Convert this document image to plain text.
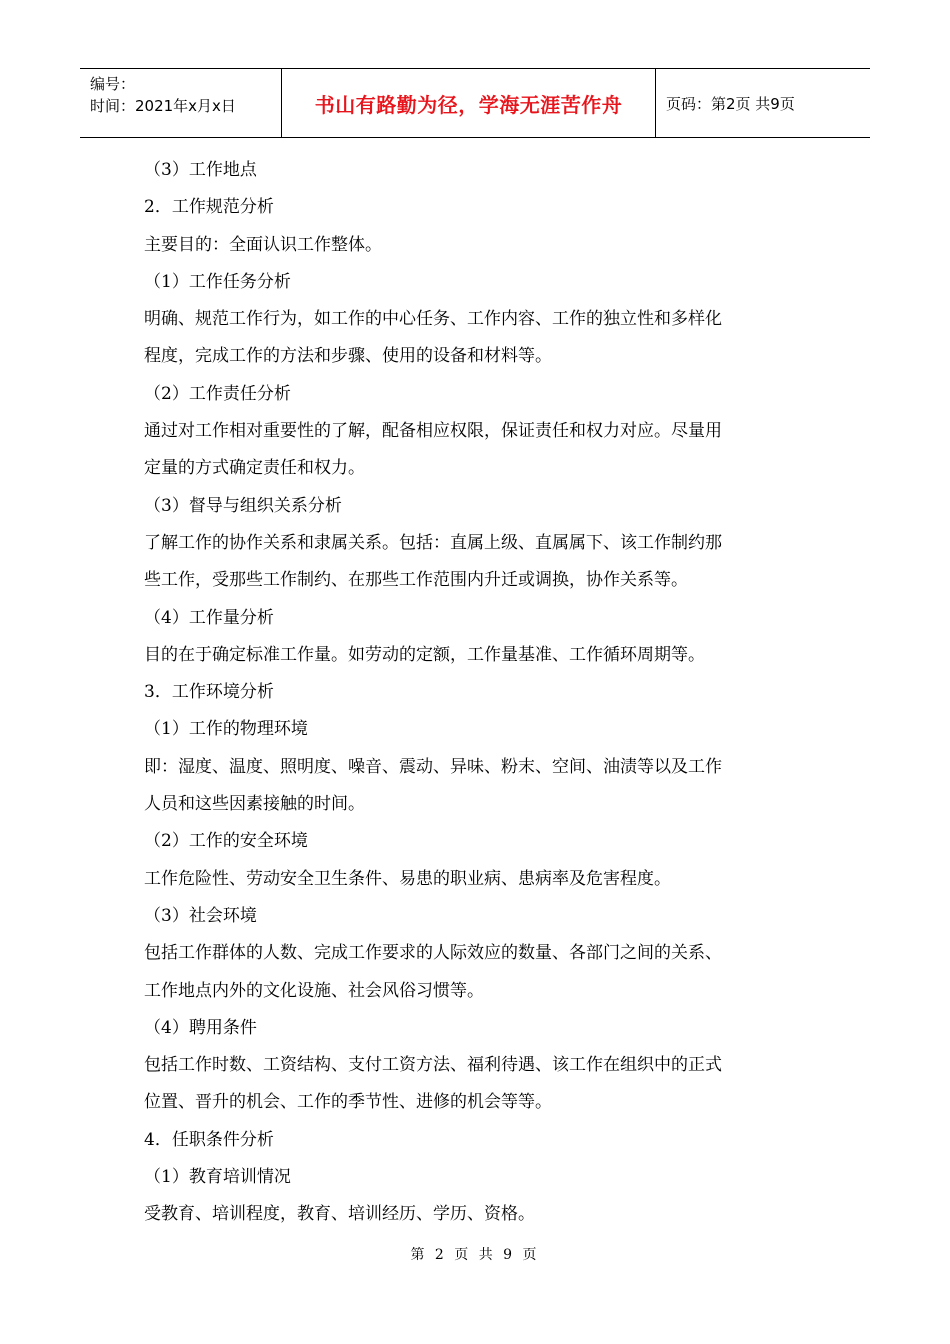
编号：
时间：2021年x月x日	书山有路勤为径，学海无涯苦作舟	页码：第2页 共9页

（3）工作地点

2．工作规范分析

主要目的：全面认识工作整体。

（1）工作任务分析

明确、规范工作行为，如工作的中心任务、工作内容、工作的独立性和多样化

程度，完成工作的方法和步骤、使用的设备和材料等。

（2）工作责任分析

通过对工作相对重要性的了解，配备相应权限，保证责任和权力对应。尽量用

定量的方式确定责任和权力。

（3）督导与组织关系分析

了解工作的协作关系和隶属关系。包括：直属上级、直属属下、该工作制约那

些工作，受那些工作制约、在那些工作范围内升迁或调换，协作关系等。

（4）工作量分析

目的在于确定标准工作量。如劳动的定额，工作量基准、工作循环周期等。

3．工作环境分析

（1）工作的物理环境

即：湿度、温度、照明度、噪音、震动、异味、粉末、空间、油渍等以及工作

人员和这些因素接触的时间。

（2）工作的安全环境

工作危险性、劳动安全卫生条件、易患的职业病、患病率及危害程度。

（3）社会环境

包括工作群体的人数、完成工作要求的人际效应的数量、各部门之间的关系、

工作地点内外的文化设施、社会风俗习惯等。

（4）聘用条件

包括工作时数、工资结构、支付工资方法、福利待遇、该工作在组织中的正式

位置、晋升的机会、工作的季节性、进修的机会等等。

4．任职条件分析

（1）教育培训情况

受教育、培训程度，教育、培训经历、学历、资格。

第 2 页 共 9 页
